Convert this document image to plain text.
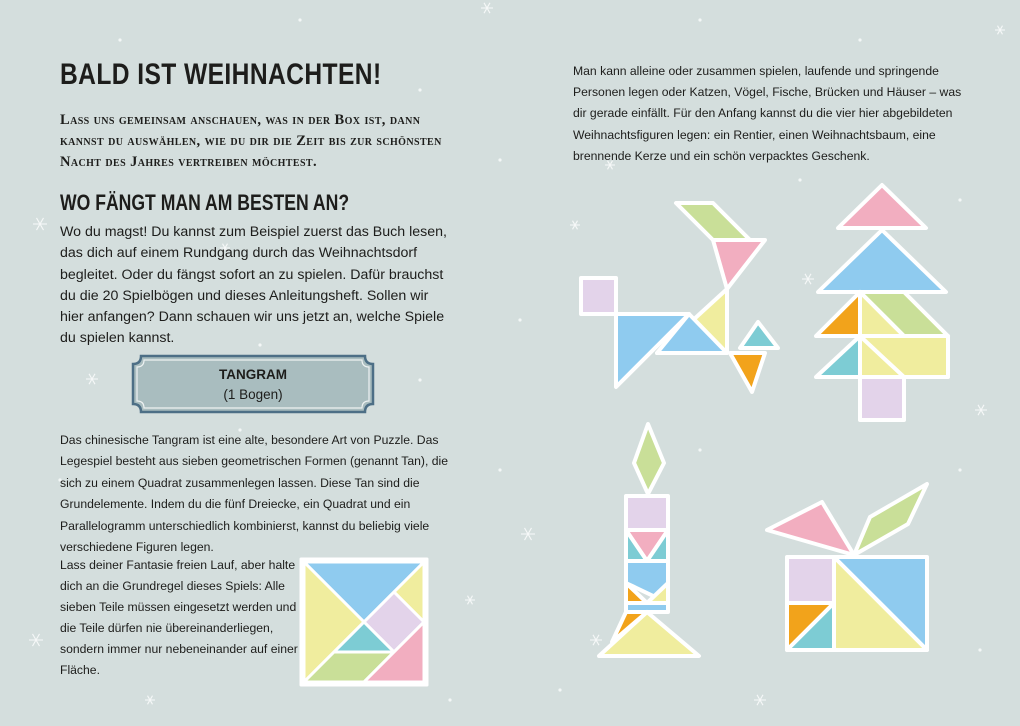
BALD IST WEIHNACHTEN!

Lass uns gemeinsam anschauen, was in der Box ist, dann kannst du auswählen, wie du dir die Zeit bis zur schönsten Nacht des Jahres vertreiben möchtest.

WO FÄNGT MAN AM BESTEN AN?

Wo du magst! Du kannst zum Beispiel zuerst das Buch lesen, das dich auf einem Rundgang durch das Weihnachtsdorf begleitet. Oder du fängst sofort an zu spielen. Dafür brauchst du die 20 Spielbögen und dieses Anleitungsheft. Sollen wir hier anfangen? Dann schauen wir uns jetzt an, welche Spiele du spielen kannst.

TANGRAM
(1 Bogen)

Das chinesische Tangram ist eine alte, besondere Art von Puzzle. Das Legespiel besteht aus sieben geometrischen Formen (genannt Tan), die sich zu einem Quadrat zusammenlegen lassen. Diese Tan sind die Grundelemente. Indem du die fünf Dreiecke, ein Quadrat und ein Parallelogramm unterschiedlich kombinierst, kannst du beliebig viele verschiedene Figuren legen.

Lass deiner Fantasie freien Lauf, aber halte dich an die Grundregel dieses Spiels: Alle sieben Teile müssen eingesetzt werden und die Teile dürfen nie übereinanderliegen, sondern immer nur nebeneinander auf einer Fläche.

Man kann alleine oder zusammen spielen, laufende und springende Personen legen oder Katzen, Vögel, Fische, Brücken und Häuser – was dir gerade einfällt. Für den Anfang kannst du die vier hier abgebildeten Weihnachtsfiguren legen: ein Rentier, einen Weihnachtsbaum, eine brennende Kerze und ein schön verpacktes Geschenk.
